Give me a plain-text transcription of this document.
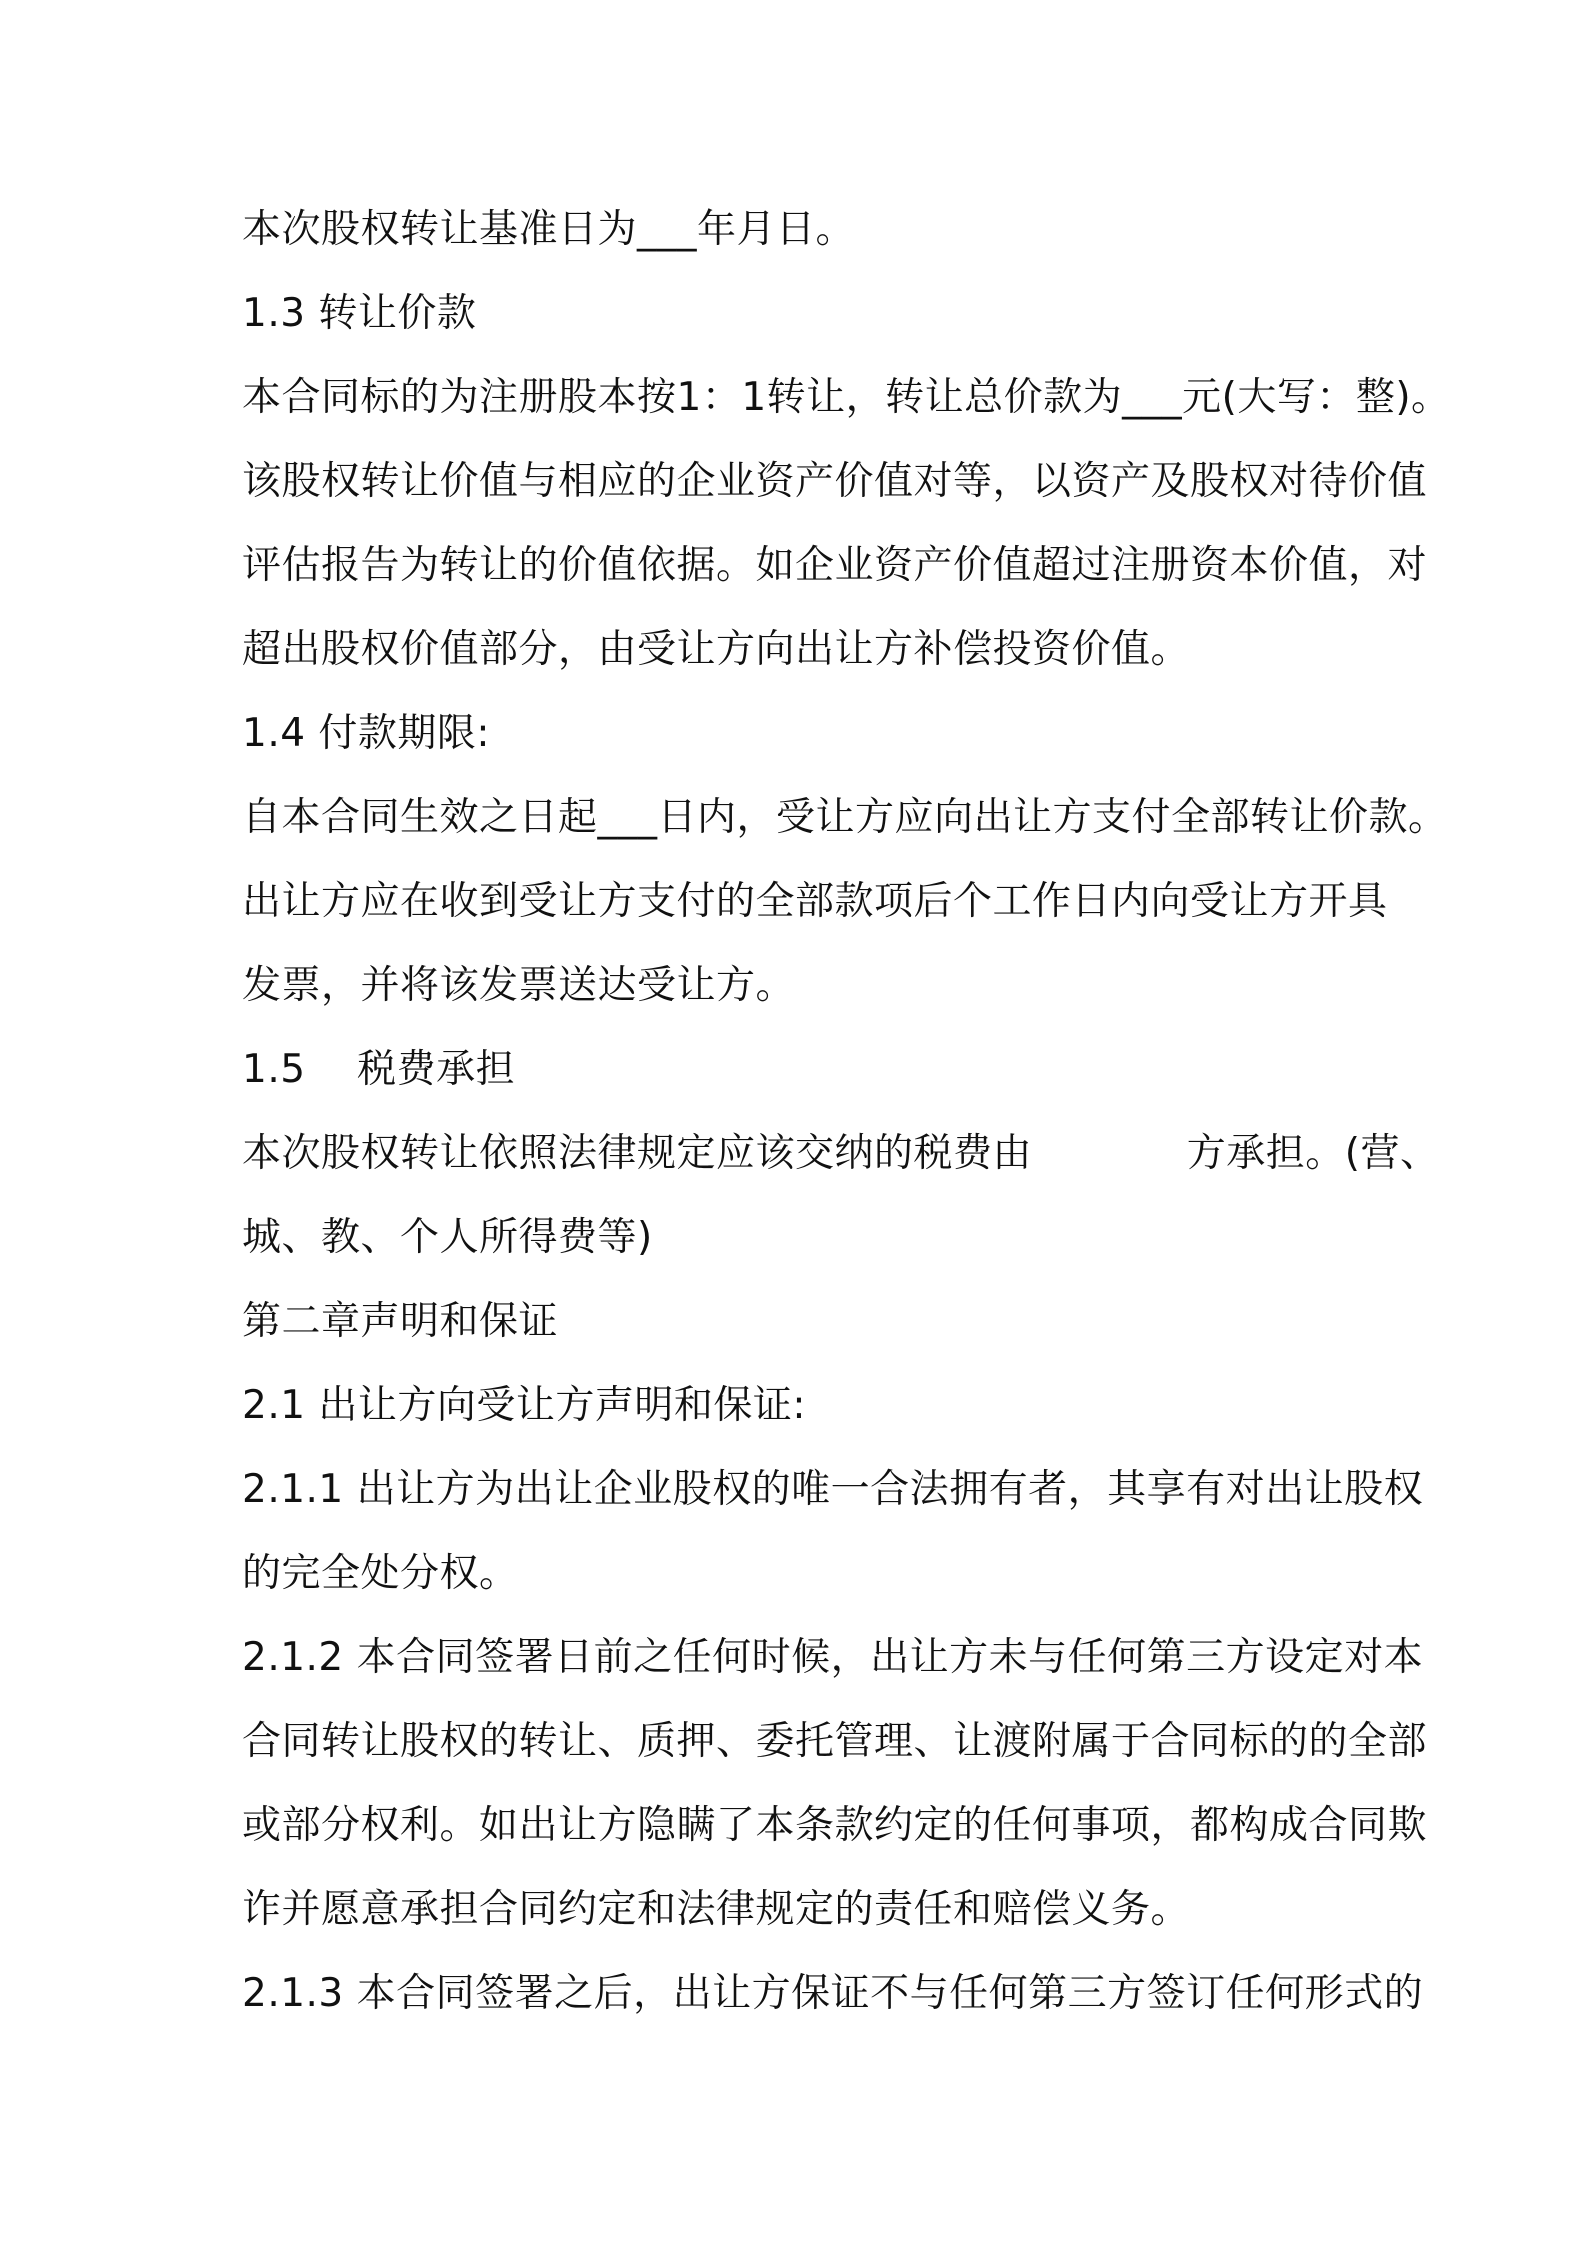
本次股权转让基准日为___年月日。
1.3 转让价款
本合同标的为注册股本按1：1转让，转让总价款为___元(大写：整)。
该股权转让价值与相应的企业资产价值对等，以资产及股权对待价值
评估报告为转让的价值依据。如企业资产价值超过注册资本价值，对
超出股权价值部分，由受让方向出让方补偿投资价值。
1.4 付款期限:
自本合同生效之日起___日内，受让方应向出让方支付全部转让价款。
出让方应在收到受让方支付的全部款项后个工作日内向受让方开具
发票，并将该发票送达受让方。
1.5    税费承担
本次股权转让依照法律规定应该交纳的税费由            方承担。(营、
城、教、个人所得费等)
第二章声明和保证
2.1 出让方向受让方声明和保证:
2.1.1 出让方为出让企业股权的唯一合法拥有者，其享有对出让股权
的完全处分权。
2.1.2 本合同签署日前之任何时候，出让方未与任何第三方设定对本
合同转让股权的转让、质押、委托管理、让渡附属于合同标的的全部
或部分权利。如出让方隐瞒了本条款约定的任何事项，都构成合同欺
诈并愿意承担合同约定和法律规定的责任和赔偿义务。
2.1.3 本合同签署之后，出让方保证不与任何第三方签订任何形式的
